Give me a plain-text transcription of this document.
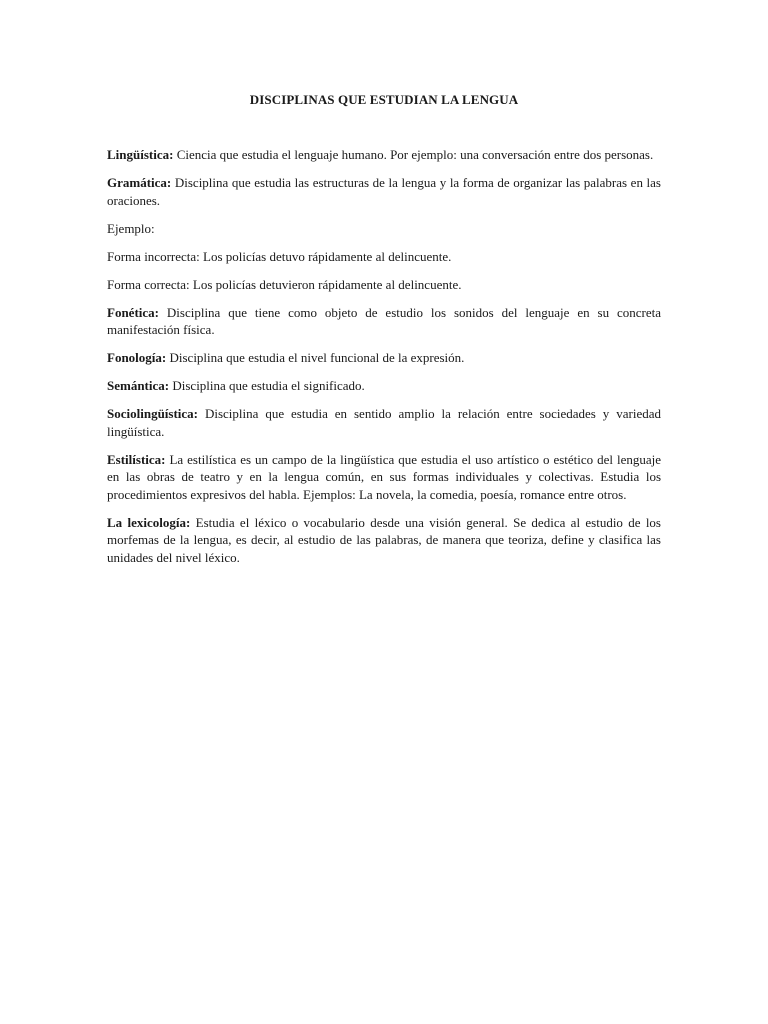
DISCIPLINAS QUE ESTUDIAN LA LENGUA

Lingüística: Ciencia que estudia el lenguaje humano. Por ejemplo: una conversación entre dos personas.

Gramática: Disciplina que estudia las estructuras de la lengua y la forma de organizar las palabras en las oraciones.

Ejemplo:

Forma incorrecta: Los policías detuvo rápidamente al delincuente.

Forma correcta: Los policías detuvieron rápidamente al delincuente.

Fonética: Disciplina que tiene como objeto de estudio los sonidos del lenguaje en su concreta manifestación física.

Fonología: Disciplina que estudia el nivel funcional de la expresión.

Semántica: Disciplina que estudia el significado.

Sociolingüística: Disciplina que estudia en sentido amplio la relación entre sociedades y variedad lingüística.

Estilística: La estilística es un campo de la lingüística que estudia el uso artístico o estético del lenguaje en las obras de teatro y en la lengua común, en sus formas individuales y colectivas. Estudia los procedimientos expresivos del habla. Ejemplos: La novela, la comedia, poesía, romance entre otros.

La lexicología: Estudia el léxico o vocabulario desde una visión general. Se dedica al estudio de los morfemas de la lengua, es decir, al estudio de las palabras, de manera que teoriza, define y clasifica las unidades del nivel léxico.
